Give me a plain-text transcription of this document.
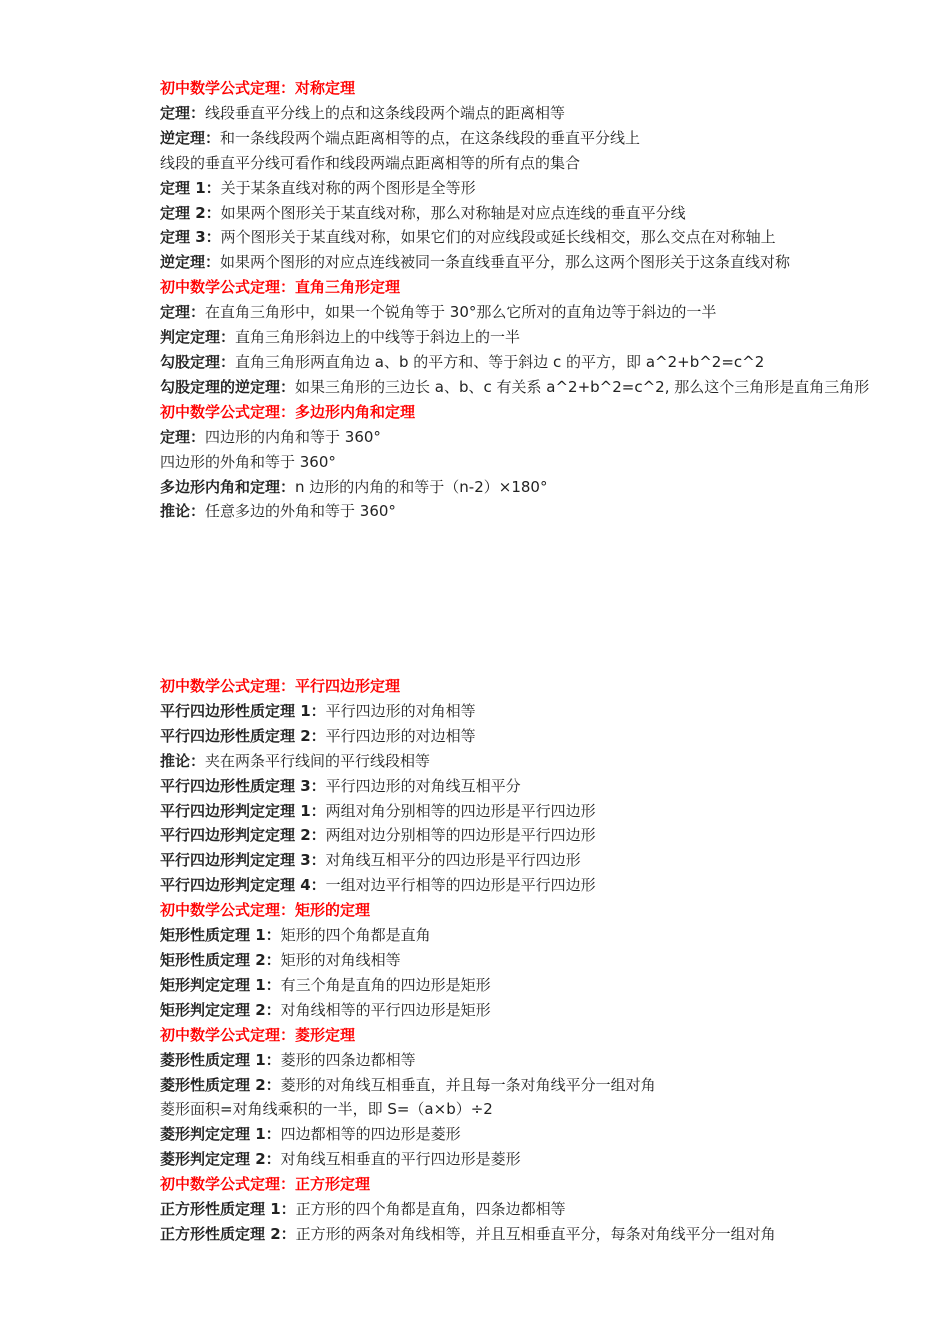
初中数学公式定理：对称定理
定理：线段垂直平分线上的点和这条线段两个端点的距离相等
逆定理：和一条线段两个端点距离相等的点，在这条线段的垂直平分线上
线段的垂直平分线可看作和线段两端点距离相等的所有点的集合
定理 1：关于某条直线对称的两个图形是全等形
定理 2：如果两个图形关于某直线对称，那么对称轴是对应点连线的垂直平分线
定理 3：两个图形关于某直线对称，如果它们的对应线段或延长线相交，那么交点在对称轴上
逆定理：如果两个图形的对应点连线被同一条直线垂直平分，那么这两个图形关于这条直线对称
初中数学公式定理：直角三角形定理
定理：在直角三角形中，如果一个锐角等于 30°那么它所对的直角边等于斜边的一半
判定定理：直角三角形斜边上的中线等于斜边上的一半
勾股定理：直角三角形两直角边 a、b 的平方和、等于斜边 c 的平方，即 a^2+b^2=c^2
勾股定理的逆定理：如果三角形的三边长 a、b、c 有关系 a^2+b^2=c^2, 那么这个三角形是直角三角形
初中数学公式定理：多边形内角和定理
定理：四边形的内角和等于 360°
四边形的外角和等于 360°
多边形内角和定理：n 边形的内角的和等于（n-2）×180°
推论：任意多边的外角和等于 360°
初中数学公式定理：平行四边形定理
平行四边形性质定理 1：平行四边形的对角相等
平行四边形性质定理 2：平行四边形的对边相等
推论：夹在两条平行线间的平行线段相等
平行四边形性质定理 3：平行四边形的对角线互相平分
平行四边形判定定理 1：两组对角分别相等的四边形是平行四边形
平行四边形判定定理 2：两组对边分别相等的四边形是平行四边形
平行四边形判定定理 3：对角线互相平分的四边形是平行四边形
平行四边形判定定理 4：一组对边平行相等的四边形是平行四边形
初中数学公式定理：矩形的定理
矩形性质定理 1：矩形的四个角都是直角
矩形性质定理 2：矩形的对角线相等
矩形判定定理 1：有三个角是直角的四边形是矩形
矩形判定定理 2：对角线相等的平行四边形是矩形
初中数学公式定理：菱形定理
菱形性质定理 1：菱形的四条边都相等
菱形性质定理 2：菱形的对角线互相垂直，并且每一条对角线平分一组对角
菱形面积=对角线乘积的一半，即 S=（a×b）÷2
菱形判定定理 1：四边都相等的四边形是菱形
菱形判定定理 2：对角线互相垂直的平行四边形是菱形
初中数学公式定理：正方形定理
正方形性质定理 1：正方形的四个角都是直角，四条边都相等
正方形性质定理 2：正方形的两条对角线相等，并且互相垂直平分，每条对角线平分一组对角
